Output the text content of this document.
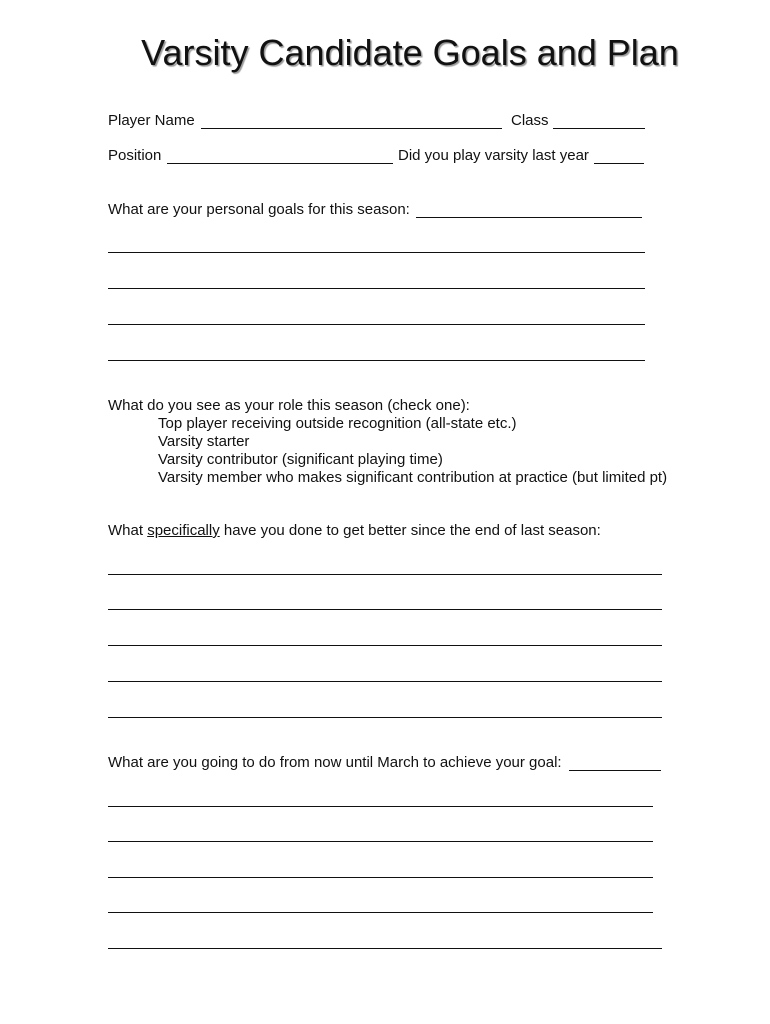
Varsity Candidate Goals and Plan
Player Name	Class
Position	Did you play varsity last year
What are your personal goals for this season:
What do you see as your role this season (check one):
Top player receiving outside recognition (all-state etc.)
Varsity starter
Varsity contributor (significant playing time)
Varsity member who makes significant contribution at practice (but limited pt)
What specifically have you done to get better since the end of last season:
What are you going to do from now until March to achieve your goal:
